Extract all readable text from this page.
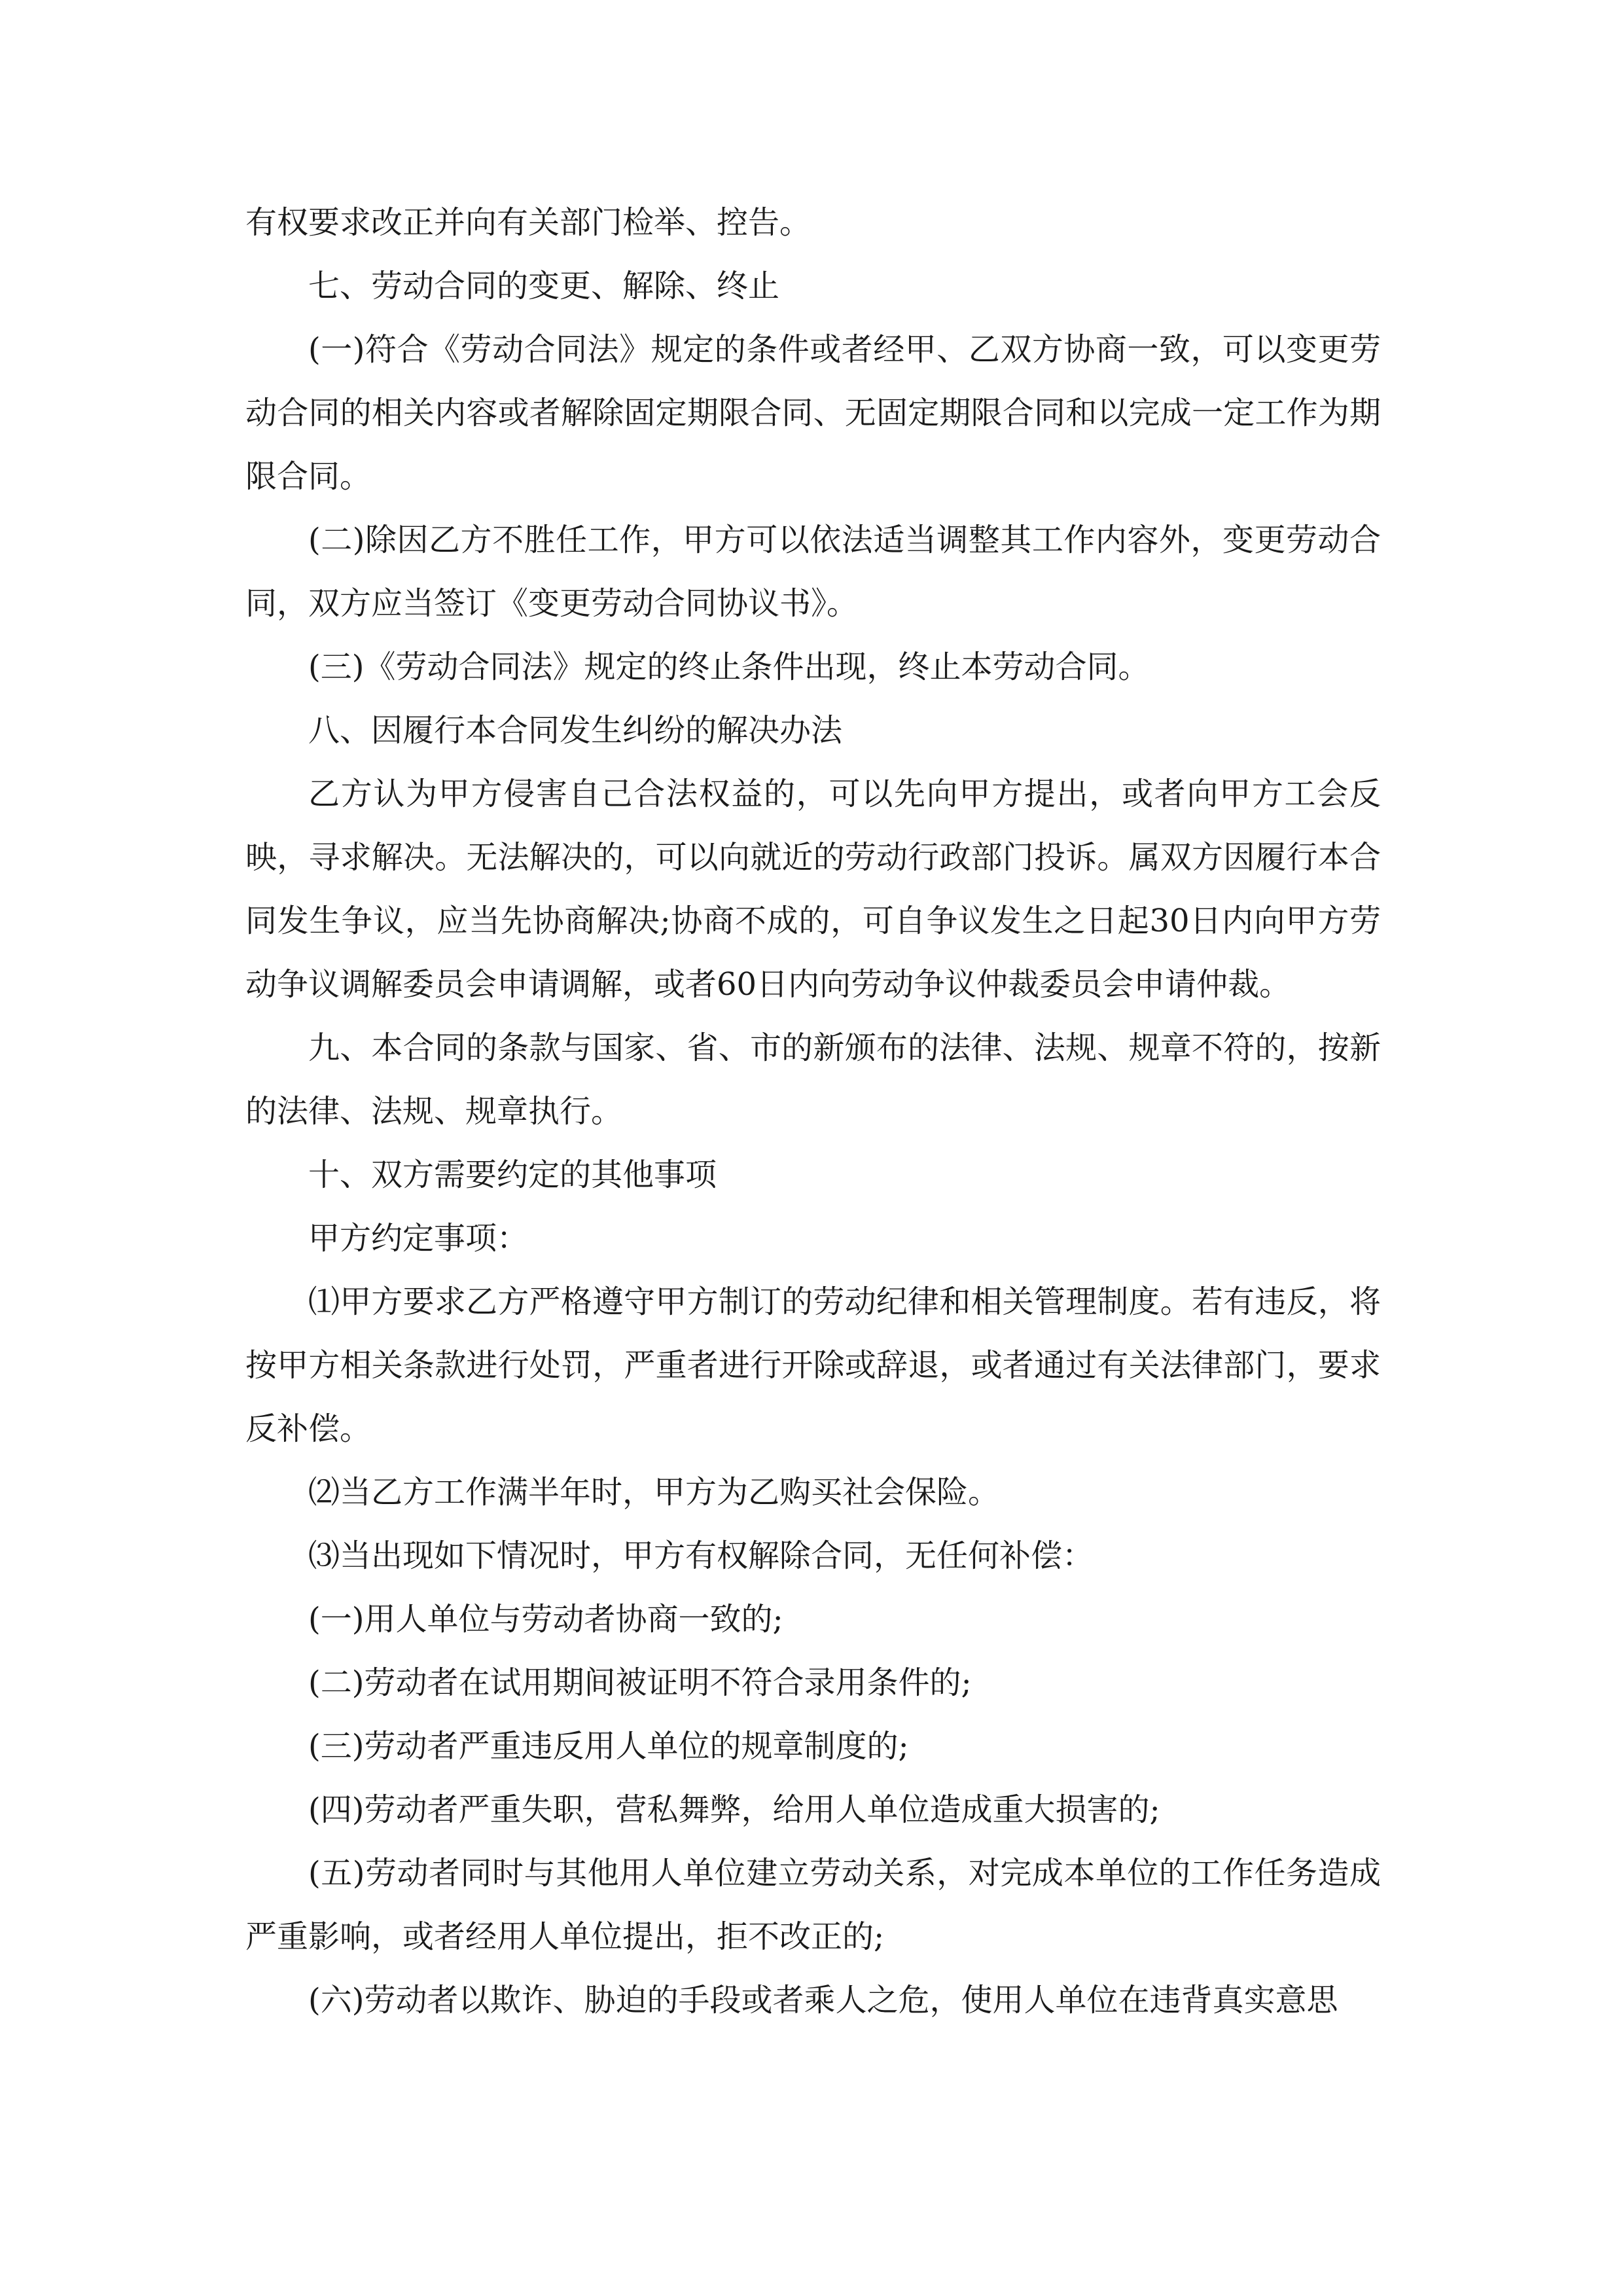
有权要求改正并向有关部门检举、控告。

七、劳动合同的变更、解除、终止

(一)符合《劳动合同法》规定的条件或者经甲、乙双方协商一致，可以变更劳动合同的相关内容或者解除固定期限合同、无固定期限合同和以完成一定工作为期限合同。

(二)除因乙方不胜任工作，甲方可以依法适当调整其工作内容外，变更劳动合同，双方应当签订《变更劳动合同协议书》。

(三)《劳动合同法》规定的终止条件出现，终止本劳动合同。

八、因履行本合同发生纠纷的解决办法

乙方认为甲方侵害自己合法权益的，可以先向甲方提出，或者向甲方工会反映，寻求解决。无法解决的，可以向就近的劳动行政部门投诉。属双方因履行本合同发生争议，应当先协商解决;协商不成的，可自争议发生之日起30日内向甲方劳动争议调解委员会申请调解，或者60日内向劳动争议仲裁委员会申请仲裁。

九、本合同的条款与国家、省、市的新颁布的法律、法规、规章不符的，按新的法律、法规、规章执行。

十、双方需要约定的其他事项

甲方约定事项：

⑴甲方要求乙方严格遵守甲方制订的劳动纪律和相关管理制度。若有违反，将按甲方相关条款进行处罚，严重者进行开除或辞退，或者通过有关法律部门，要求反补偿。

⑵当乙方工作满半年时，甲方为乙购买社会保险。

⑶当出现如下情况时，甲方有权解除合同，无任何补偿：

(一)用人单位与劳动者协商一致的;

(二)劳动者在试用期间被证明不符合录用条件的;

(三)劳动者严重违反用人单位的规章制度的;

(四)劳动者严重失职，营私舞弊，给用人单位造成重大损害的;

(五)劳动者同时与其他用人单位建立劳动关系，对完成本单位的工作任务造成严重影响，或者经用人单位提出，拒不改正的;

(六)劳动者以欺诈、胁迫的手段或者乘人之危，使用人单位在违背真实意思
